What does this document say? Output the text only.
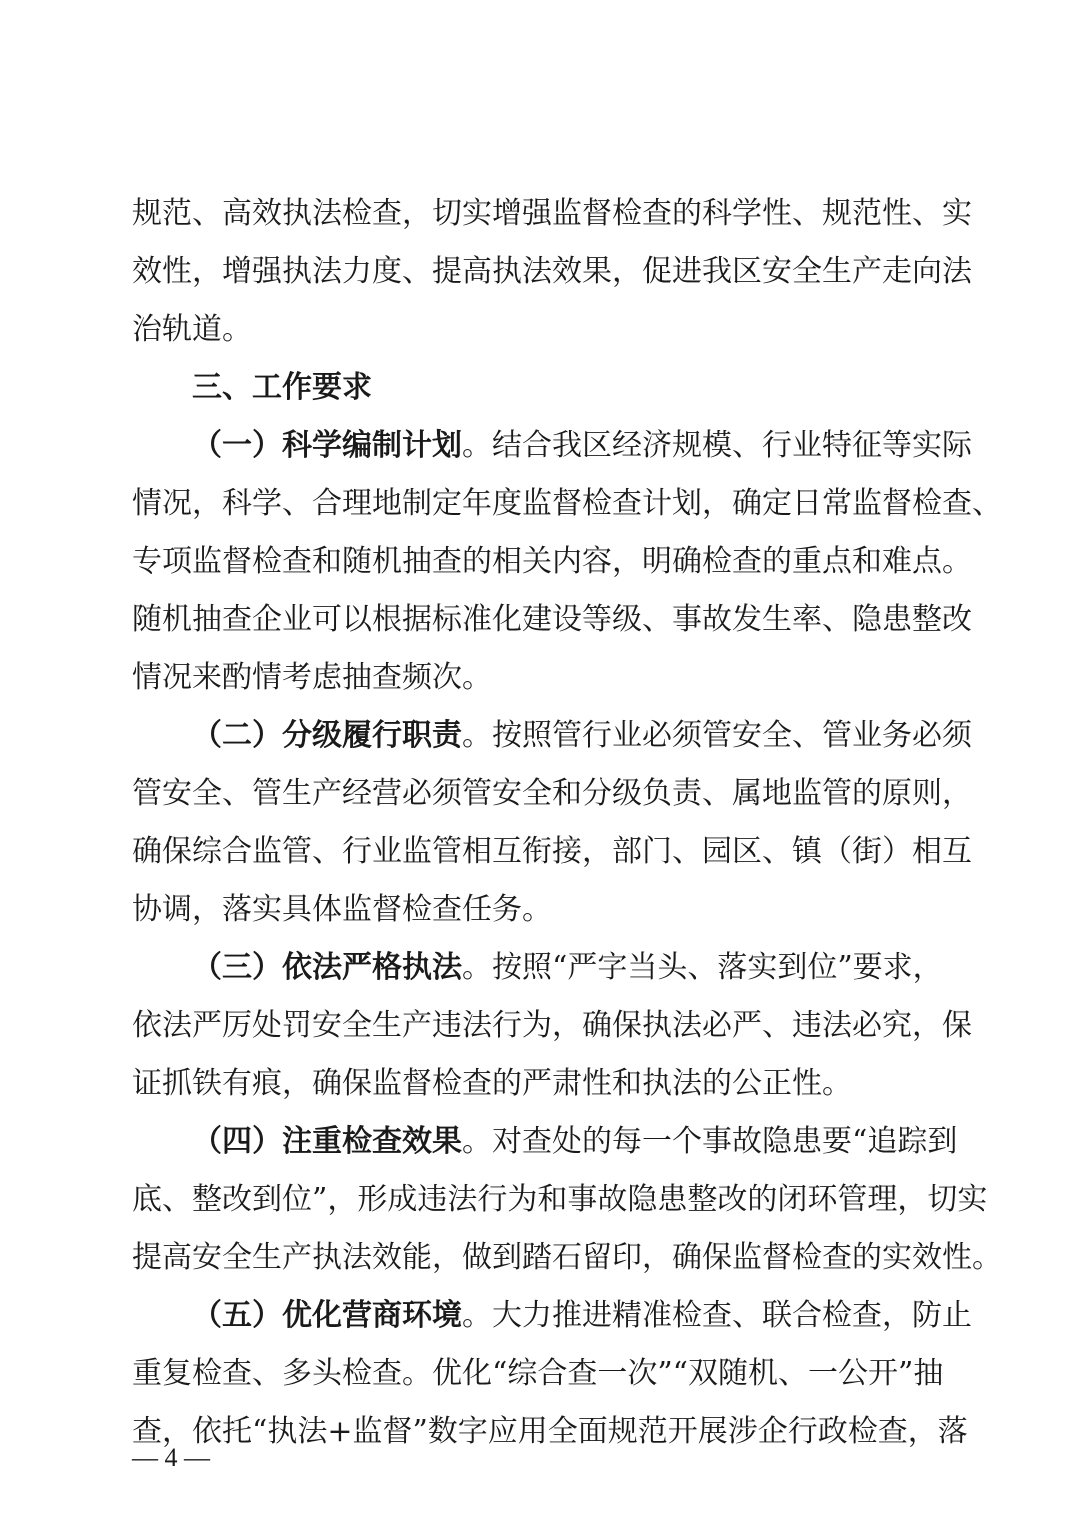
规范、高效执法检查，切实增强监督检查的科学性、规范性、实
效性，增强执法力度、提高执法效果，促进我区安全生产走向法
治轨道。
三、工作要求
（一）科学编制计划。结合我区经济规模、行业特征等实际
情况，科学、合理地制定年度监督检查计划，确定日常监督检查、
专项监督检查和随机抽查的相关内容，明确检查的重点和难点。
随机抽查企业可以根据标准化建设等级、事故发生率、隐患整改
情况来酌情考虑抽查频次。
（二）分级履行职责。按照管行业必须管安全、管业务必须
管安全、管生产经营必须管安全和分级负责、属地监管的原则，
确保综合监管、行业监管相互衔接，部门、园区、镇（街）相互
协调，落实具体监督检查任务。
（三）依法严格执法。按照“严字当头、落实到位”要求，
依法严厉处罚安全生产违法行为，确保执法必严、违法必究，保
证抓铁有痕，确保监督检查的严肃性和执法的公正性。
（四）注重检查效果。对查处的每一个事故隐患要“追踪到
底、整改到位”，形成违法行为和事故隐患整改的闭环管理，切实
提高安全生产执法效能，做到踏石留印，确保监督检查的实效性。
（五）优化营商环境。大力推进精准检查、联合检查，防止
重复检查、多头检查。优化“综合查一次”“双随机、一公开”抽
查，依托“执法+监督”数字应用全面规范开展涉企行政检查，落
— 4 —
